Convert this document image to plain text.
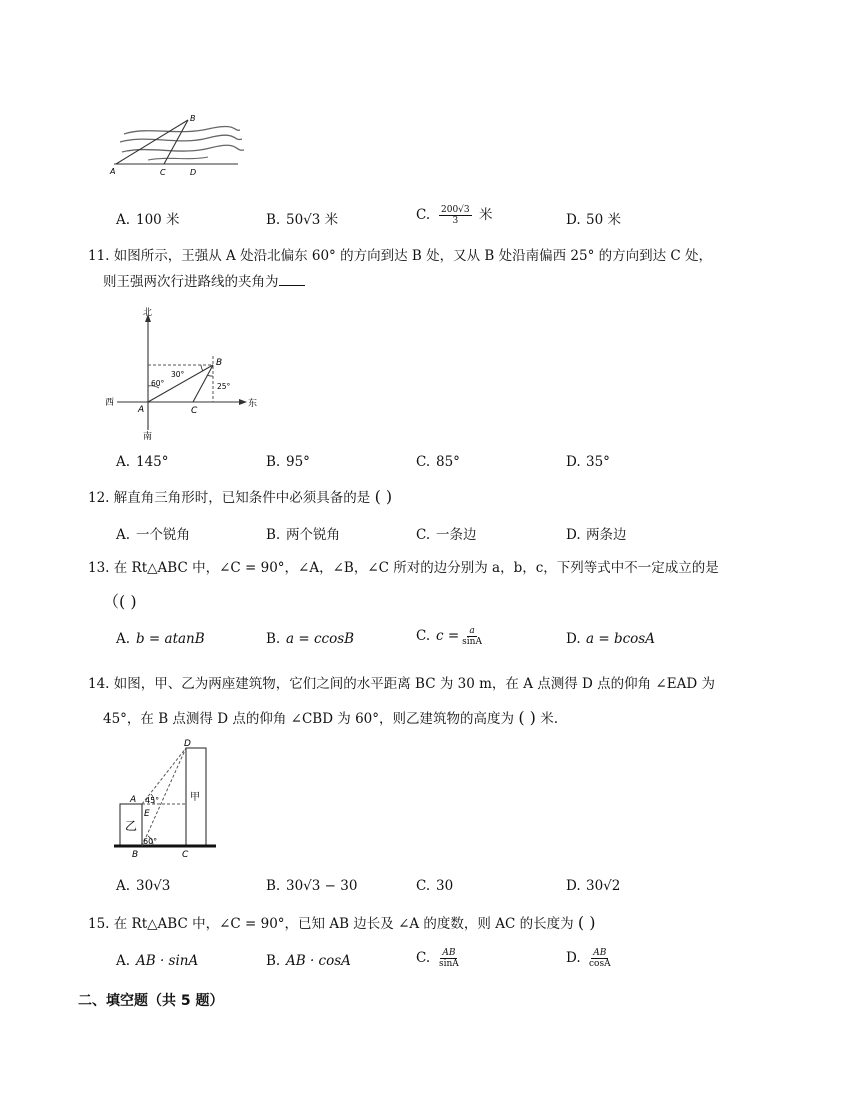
B
A	C	D
A. 100 米	B. 50√3 米	C. $\frac{200√3}{3}$ 米	D. 50 米
11. 如图所示，王强从 A 处沿北偏东 60° 的方向到达 B 处，又从 B 处沿南偏西 25° 的方向到达 C 处，
则王强两次行进路线的夹角为
北
南
西	东
B
A	C
30°
60°	25°
A. 145°	B. 95°	C. 85°	D. 35°
12. 解直角三角形时，已知条件中必须具备的是 ( )
A. 一个锐角	B. 两个锐角	C. 一条边	D. 两条边
13. 在 Rt△ABC 中，∠C = 90°，∠A，∠B，∠C 所对的边分别为 a，b，c，下列等式中不一定成立的是
（( )
A. b = atanB	B. a = ccosB	C. $c = \frac{a}{\sin A}$	D. a = bcosA
14. 如图，甲、乙为两座建筑物，它们之间的水平距离 BC 为 30 m，在 A 点测得 D 点的仰角 ∠EAD 为
45°，在 B 点测得 D 点的仰角 ∠CBD 为 60°，则乙建筑物的高度为 ( ) 米.
D
A
E
B	C
甲
乙
45°
60°
A. 30√3	B. 30√3 − 30	C. 30	D. 30√2
15. 在 Rt△ABC 中，∠C = 90°，已知 AB 边长及 ∠A 的度数，则 AC 的长度为 ( )
A. AB · sinA	B. AB · cosA	C. $\frac{AB}{\sin A}$	D. $\frac{AB}{\cos A}$
二、填空题（共 5 题）
